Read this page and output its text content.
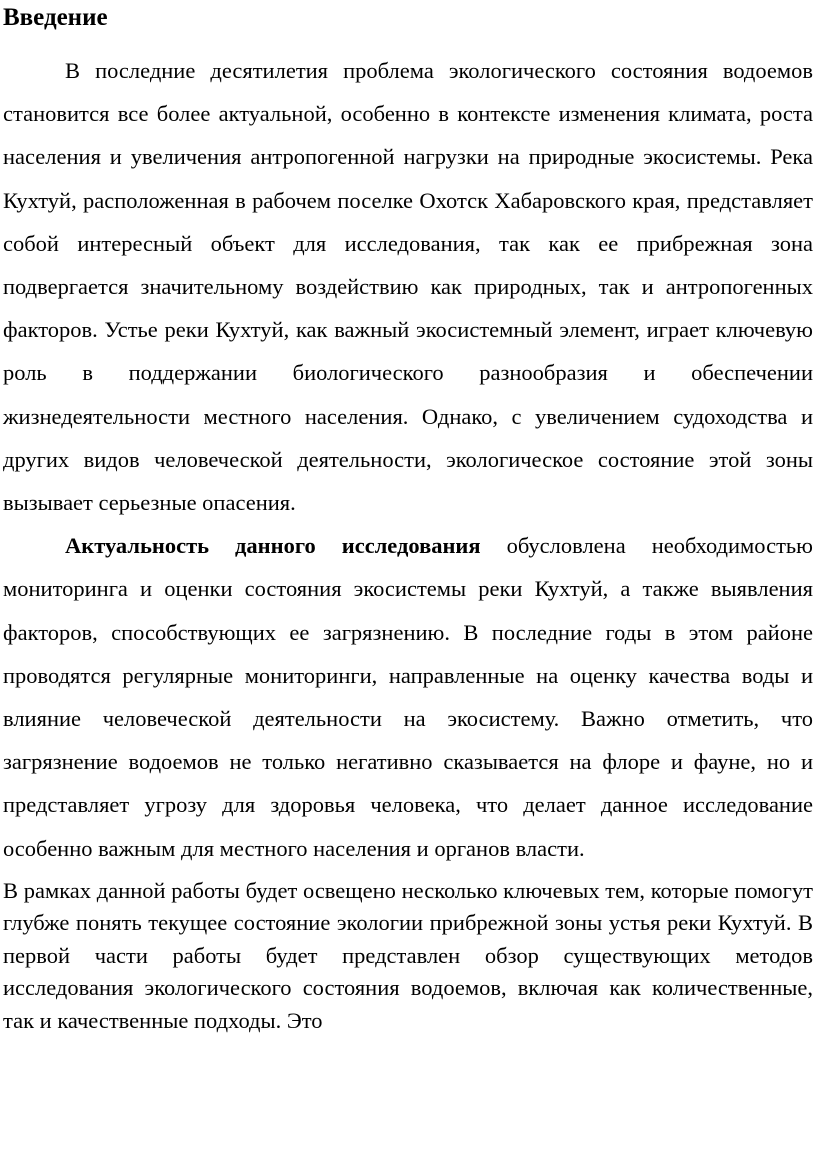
Введение

В последние десятилетия проблема экологического состояния водоемов становится все более актуальной, особенно в контексте изменения климата, роста населения и увеличения антропогенной нагрузки на природные экосистемы. Река Кухтуй, расположенная в рабочем поселке Охотск Хабаровского края, представляет собой интересный объект для исследования, так как ее прибрежная зона подвергается значительному воздействию как природных, так и антропогенных факторов. Устье реки Кухтуй, как важный экосистемный элемент, играет ключевую роль в поддержании биологического разнообразия и обеспечении жизнедеятельности местного населения. Однако, с увеличением судоходства и других видов человеческой деятельности, экологическое состояние этой зоны вызывает серьезные опасения.

Актуальность данного исследования обусловлена необходимостью мониторинга и оценки состояния экосистемы реки Кухтуй, а также выявления факторов, способствующих ее загрязнению. В последние годы в этом районе проводятся регулярные мониторинги, направленные на оценку качества воды и влияние человеческой деятельности на экосистему. Важно отметить, что загрязнение водоемов не только негативно сказывается на флоре и фауне, но и представляет угрозу для здоровья человека, что делает данное исследование особенно важным для местного населения и органов власти.

В рамках данной работы будет освещено несколько ключевых тем, которые помогут глубже понять текущее состояние экологии прибрежной зоны устья реки Кухтуй. В первой части работы будет представлен обзор существующих методов исследования экологического состояния водоемов, включая как количественные, так и качественные подходы. Это
